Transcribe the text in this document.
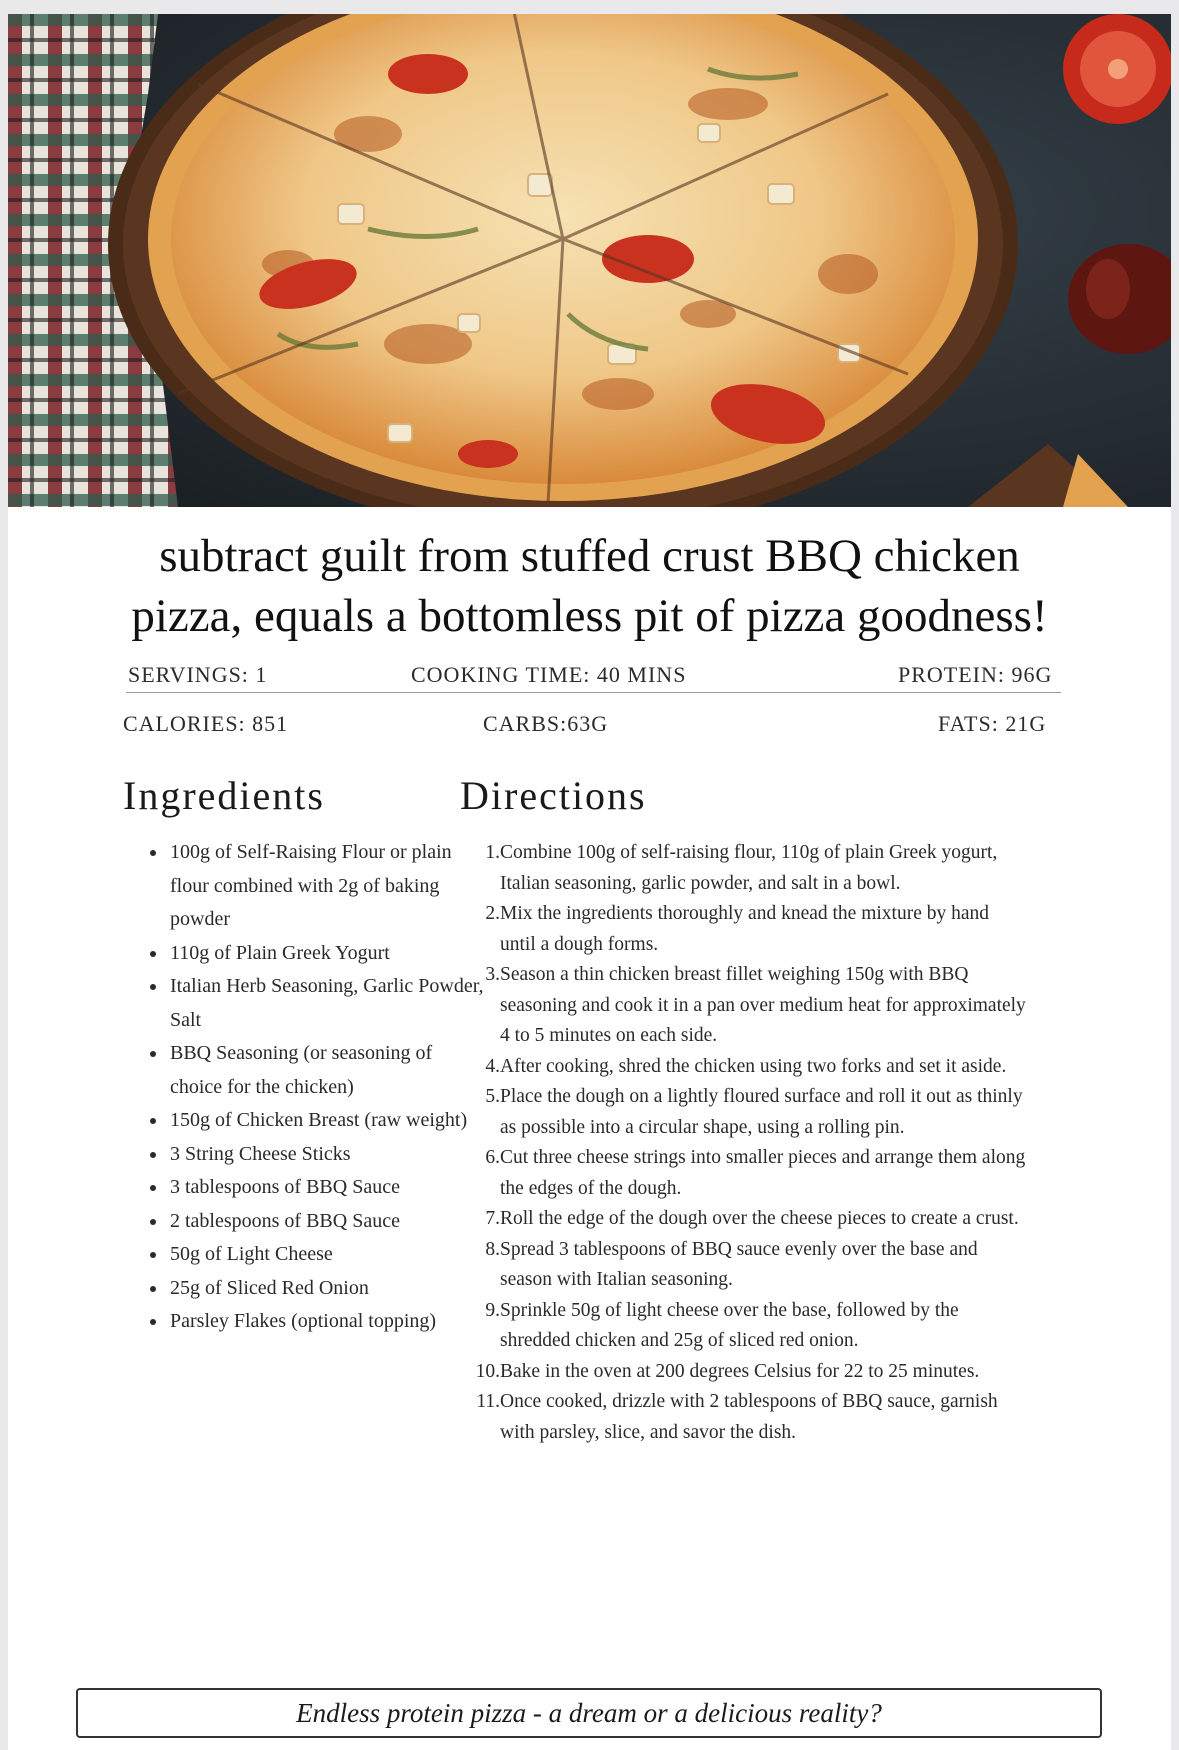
subtract guilt from stuffed crust BBQ chicken
pizza, equals a bottomless pit of pizza goodness!
SERVINGS: 1	COOKING TIME: 40 MINS	PROTEIN: 96G
CALORIES: 851	CARBS:63G	FATS: 21G
Ingredients	Directions
• 100g of Self-Raising Flour or plain flour combined with 2g of baking powder
• 110g of Plain Greek Yogurt
• Italian Herb Seasoning, Garlic Powder, Salt
• BBQ Seasoning (or seasoning of choice for the chicken)
• 150g of Chicken Breast (raw weight)
• 3 String Cheese Sticks
• 3 tablespoons of BBQ Sauce
• 2 tablespoons of BBQ Sauce
• 50g of Light Cheese
• 25g of Sliced Red Onion
• Parsley Flakes (optional topping)
1. Combine 100g of self-raising flour, 110g of plain Greek yogurt, Italian seasoning, garlic powder, and salt in a bowl.
2. Mix the ingredients thoroughly and knead the mixture by hand until a dough forms.
3. Season a thin chicken breast fillet weighing 150g with BBQ seasoning and cook it in a pan over medium heat for approximately 4 to 5 minutes on each side.
4. After cooking, shred the chicken using two forks and set it aside.
5. Place the dough on a lightly floured surface and roll it out as thinly as possible into a circular shape, using a rolling pin.
6. Cut three cheese strings into smaller pieces and arrange them along the edges of the dough.
7. Roll the edge of the dough over the cheese pieces to create a crust.
8. Spread 3 tablespoons of BBQ sauce evenly over the base and season with Italian seasoning.
9. Sprinkle 50g of light cheese over the base, followed by the shredded chicken and 25g of sliced red onion.
10. Bake in the oven at 200 degrees Celsius for 22 to 25 minutes.
11. Once cooked, drizzle with 2 tablespoons of BBQ sauce, garnish with parsley, slice, and savor the dish.
Endless protein pizza - a dream or a delicious reality?
